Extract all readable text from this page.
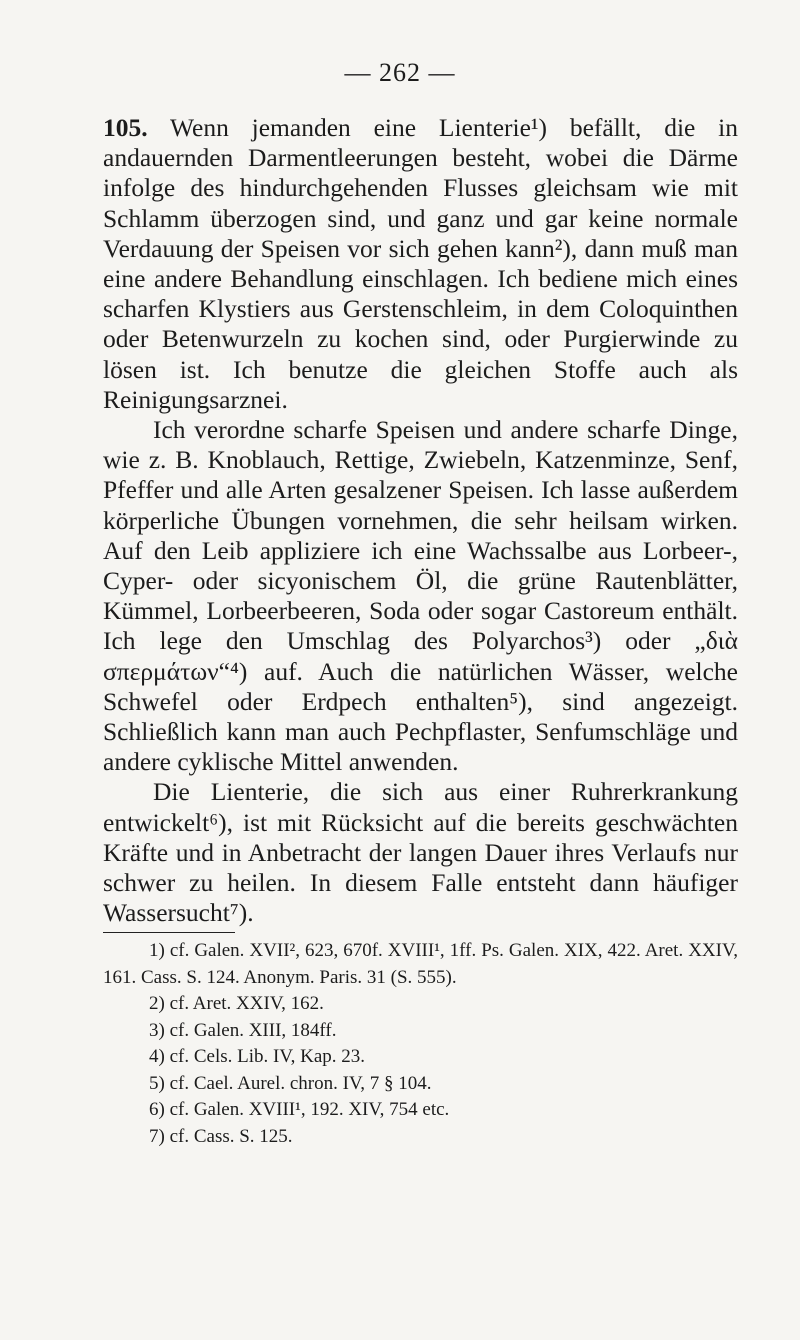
— 262 —

105. Wenn jemanden eine Lienterie¹) befällt, die in andauernden Darmentleerungen besteht, wobei die Därme infolge des hindurchgehenden Flusses gleichsam wie mit Schlamm überzogen sind, und ganz und gar keine normale Verdauung der Speisen vor sich gehen kann²), dann muß man eine andere Behandlung einschlagen. Ich bediene mich eines scharfen Klystiers aus Gerstenschleim, in dem Coloquinthen oder Betenwurzeln zu kochen sind, oder Purgierwinde zu lösen ist. Ich benutze die gleichen Stoffe auch als Reinigungsarznei.

Ich verordne scharfe Speisen und andere scharfe Dinge, wie z. B. Knoblauch, Rettige, Zwiebeln, Katzenminze, Senf, Pfeffer und alle Arten gesalzener Speisen. Ich lasse außerdem körperliche Übungen vornehmen, die sehr heilsam wirken. Auf den Leib appliziere ich eine Wachssalbe aus Lorbeer-, Cyper- oder sicyonischem Öl, die grüne Rautenblätter, Kümmel, Lorbeerbeeren, Soda oder sogar Castoreum enthält. Ich lege den Umschlag des Polyarchos³) oder „διὰ σπερμάτων“⁴) auf. Auch die natürlichen Wässer, welche Schwefel oder Erdpech enthalten⁵), sind angezeigt. Schließlich kann man auch Pechpflaster, Senfumschläge und andere cyklische Mittel anwenden.

Die Lienterie, die sich aus einer Ruhrerkrankung entwickelt⁶), ist mit Rücksicht auf die bereits geschwächten Kräfte und in Anbetracht der langen Dauer ihres Verlaufs nur schwer zu heilen. In diesem Falle entsteht dann häufiger Wassersucht⁷).

1) cf. Galen. XVII², 623, 670f. XVIII¹, 1ff. Ps. Galen. XIX, 422. Aret. XXIV, 161. Cass. S. 124. Anonym. Paris. 31 (S. 555).

2) cf. Aret. XXIV, 162.

3) cf. Galen. XIII, 184ff.

4) cf. Cels. Lib. IV, Kap. 23.

5) cf. Cael. Aurel. chron. IV, 7 § 104.

6) cf. Galen. XVIII¹, 192. XIV, 754 etc.

7) cf. Cass. S. 125.
